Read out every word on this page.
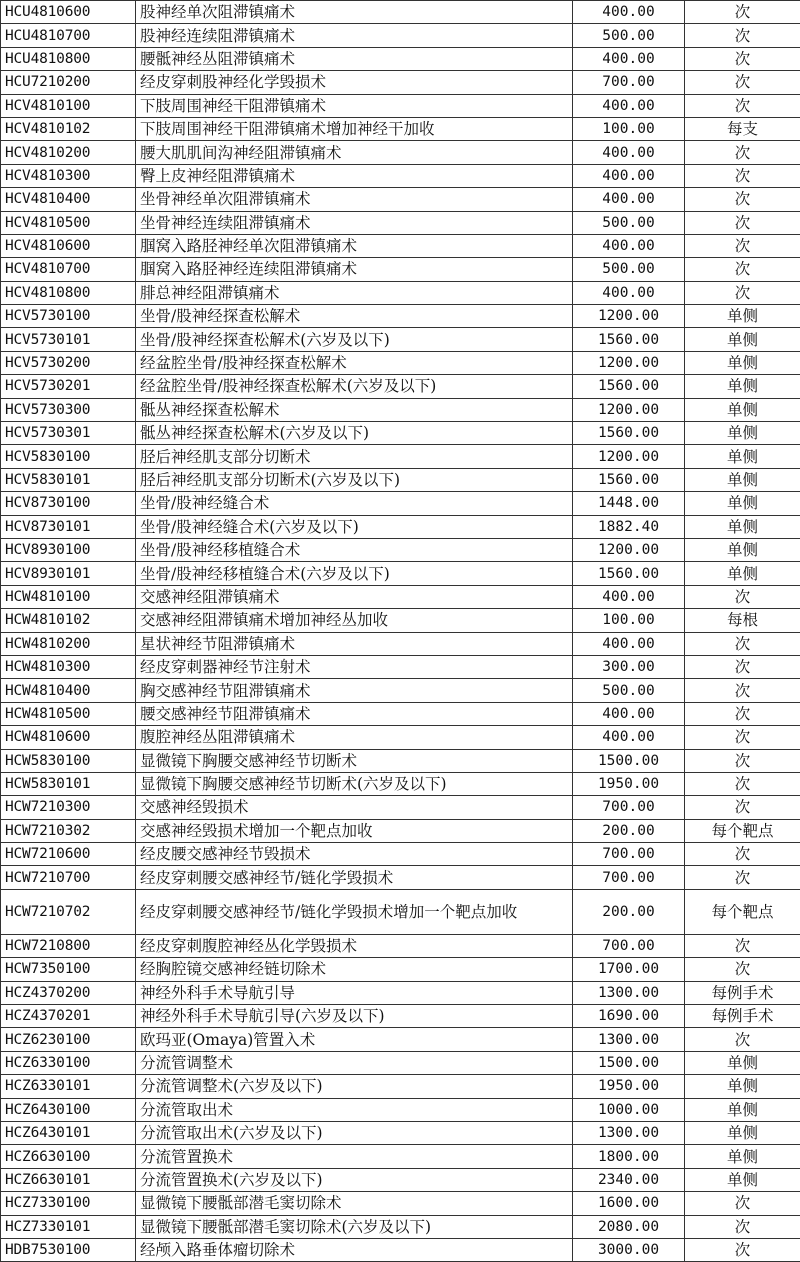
HCU4810600	股神经单次阻滞镇痛术	400.00	次
HCU4810700	股神经连续阻滞镇痛术	500.00	次
HCU4810800	腰骶神经丛阻滞镇痛术	400.00	次
HCU7210200	经皮穿刺股神经化学毁损术	700.00	次
HCV4810100	下肢周围神经干阻滞镇痛术	400.00	次
HCV4810102	下肢周围神经干阻滞镇痛术增加神经干加收	100.00	每支
HCV4810200	腰大肌肌间沟神经阻滞镇痛术	400.00	次
HCV4810300	臀上皮神经阻滞镇痛术	400.00	次
HCV4810400	坐骨神经单次阻滞镇痛术	400.00	次
HCV4810500	坐骨神经连续阻滞镇痛术	500.00	次
HCV4810600	腘窝入路胫神经单次阻滞镇痛术	400.00	次
HCV4810700	腘窝入路胫神经连续阻滞镇痛术	500.00	次
HCV4810800	腓总神经阻滞镇痛术	400.00	次
HCV5730100	坐骨/股神经探查松解术	1200.00	单侧
HCV5730101	坐骨/股神经探查松解术(六岁及以下)	1560.00	单侧
HCV5730200	经盆腔坐骨/股神经探查松解术	1200.00	单侧
HCV5730201	经盆腔坐骨/股神经探查松解术(六岁及以下)	1560.00	单侧
HCV5730300	骶丛神经探查松解术	1200.00	单侧
HCV5730301	骶丛神经探查松解术(六岁及以下)	1560.00	单侧
HCV5830100	胫后神经肌支部分切断术	1200.00	单侧
HCV5830101	胫后神经肌支部分切断术(六岁及以下)	1560.00	单侧
HCV8730100	坐骨/股神经缝合术	1448.00	单侧
HCV8730101	坐骨/股神经缝合术(六岁及以下)	1882.40	单侧
HCV8930100	坐骨/股神经移植缝合术	1200.00	单侧
HCV8930101	坐骨/股神经移植缝合术(六岁及以下)	1560.00	单侧
HCW4810100	交感神经阻滞镇痛术	400.00	次
HCW4810102	交感神经阻滞镇痛术增加神经丛加收	100.00	每根
HCW4810200	星状神经节阻滞镇痛术	400.00	次
HCW4810300	经皮穿刺器神经节注射术	300.00	次
HCW4810400	胸交感神经节阻滞镇痛术	500.00	次
HCW4810500	腰交感神经节阻滞镇痛术	400.00	次
HCW4810600	腹腔神经丛阻滞镇痛术	400.00	次
HCW5830100	显微镜下胸腰交感神经节切断术	1500.00	次
HCW5830101	显微镜下胸腰交感神经节切断术(六岁及以下)	1950.00	次
HCW7210300	交感神经毁损术	700.00	次
HCW7210302	交感神经毁损术增加一个靶点加收	200.00	每个靶点
HCW7210600	经皮腰交感神经节毁损术	700.00	次
HCW7210700	经皮穿刺腰交感神经节/链化学毁损术	700.00	次
HCW7210702	经皮穿刺腰交感神经节/链化学毁损术增加一个靶点加收	200.00	每个靶点
HCW7210800	经皮穿刺腹腔神经丛化学毁损术	700.00	次
HCW7350100	经胸腔镜交感神经链切除术	1700.00	次
HCZ4370200	神经外科手术导航引导	1300.00	每例手术
HCZ4370201	神经外科手术导航引导(六岁及以下)	1690.00	每例手术
HCZ6230100	欧玛亚(Omaya)管置入术	1300.00	次
HCZ6330100	分流管调整术	1500.00	单侧
HCZ6330101	分流管调整术(六岁及以下)	1950.00	单侧
HCZ6430100	分流管取出术	1000.00	单侧
HCZ6430101	分流管取出术(六岁及以下)	1300.00	单侧
HCZ6630100	分流管置换术	1800.00	单侧
HCZ6630101	分流管置换术(六岁及以下)	2340.00	单侧
HCZ7330100	显微镜下腰骶部潜毛窦切除术	1600.00	次
HCZ7330101	显微镜下腰骶部潜毛窦切除术(六岁及以下)	2080.00	次
HDB7530100	经颅入路垂体瘤切除术	3000.00	次
